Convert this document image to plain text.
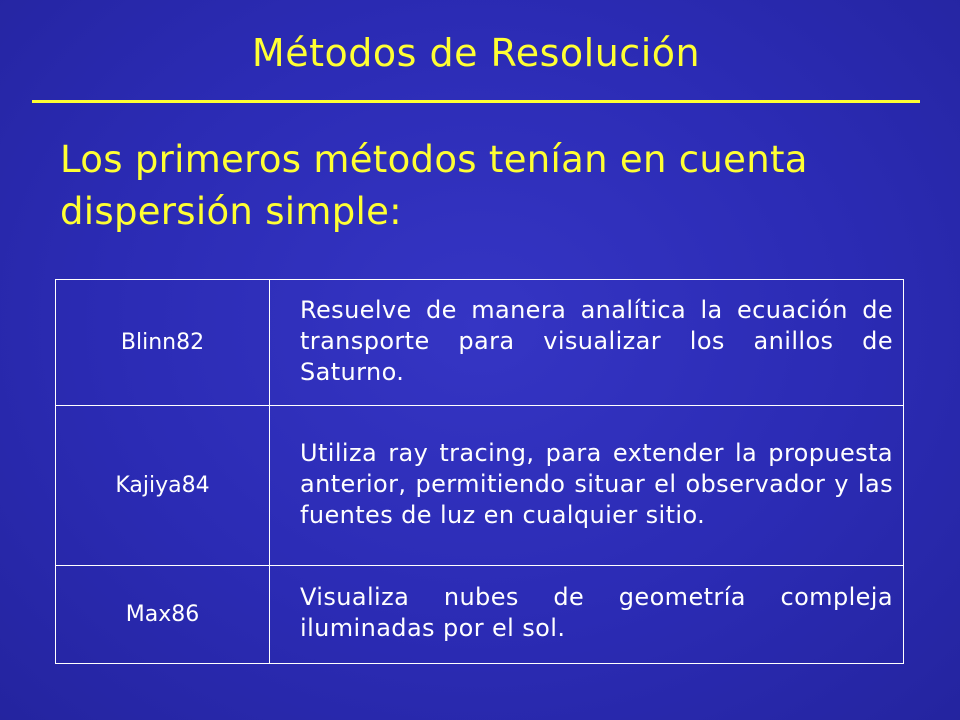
Métodos de Resolución
Los primeros métodos tenían en cuenta dispersión simple:
Blinn82	Resuelve de manera analítica la ecuación de transporte para visualizar los anillos de Saturno.
Kajiya84	Utiliza ray tracing, para extender la propuesta anterior, permitiendo situar el observador y las fuentes de luz en cualquier sitio.
Max86	Visualiza nubes de geometría compleja iluminadas por el sol.
